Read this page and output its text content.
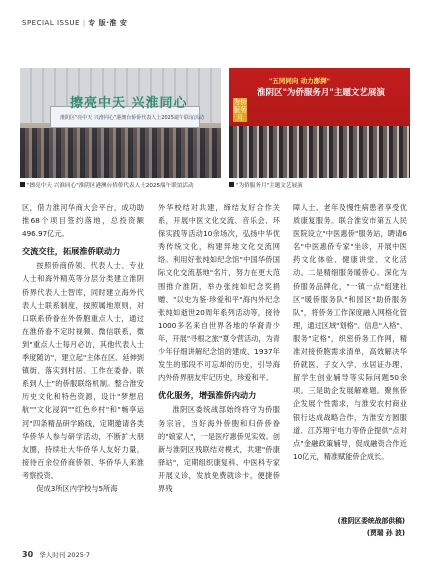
SPECIAL ISSUE | 专 版·淮 安
擦亮中天 兴淮同心
淮阴区"亮中天 兴淮同心"港澳台侨侨代表人士2025端午联谊活动
"五同同向 动力澎湃"
淮阴区"为侨服务月"主题文艺展演
为侨服务月
"擦亮中天 兴淮同心"淮阴区港澳台侨侨代表人士2025端午联谊活动	"为侨服务月"主题文艺展演

区，借力淮河华商大会平台，成功助推68个项目签约落地，总投资额496.97亿元。

交流交往，拓展淮侨联动力

按照侨商侨领、代表人士、专业人士和海外精英等分层分类建立淮阴侨界代表人士智库，同时建立海外代表人士联系制度，按照属地原则，对口联系侨眷在外侨胞重点人士，通过在淮侨眷不定时视频、微信联系，微到"重点人士每月必访，其他代表人士季度随访"，建立起"主体在区、延伸到镇街、落实到村居、工作在委眷、联系到人士"的侨服联络机制。整合淮安历史文化和特色资源，设计"梦想启航""文化浸润""红色乡村"和"畅享运河"四条精品研学路线，定期邀请各类华侨华人参与研学活动，不断扩大朋友圈，持续壮大华侨华人友好力量，接待百余位侨商侨领、华侨华人来淮考察投资。

促成3所区内学校与5所海

外华校结对共建，缔结友好合作关系，开展中医文化交流、音乐会、环保实践等活动10余场次，弘扬中华优秀传统文化，构建异地文化交流网络。利用好张纯如纪念馆"中国华侨国际文化交流基地"名片，努力在更大范围推介淮阴，举办张纯如纪念奖捐赠、"以史为鉴·珍爱和平"海内外纪念张纯如逝世20周年系列活动等，接待1000多名来自世界各地的华裔青少年，开展"寻根之旅"夏令营活动，为青少年仔细讲解纪念馆的建成、1937年发生的那段不可忘却的历史，引导海内外侨界朋友牢记历史，珍爱和平。

优化服务，增强淮侨内动力

淮阴区委统战部始终将守为侨服务宗旨，当好海外侨胞和归侨侨眷的"娘家人"，一是医疗惠侨见实效。创新与淮阴区残联结对模式，共建"侨康驿站"，定期组织康复科、中医科专家开展义诊，发放免费就诊卡，便捷侨界残

障人士、老年及慢性病患者享受优质康复服务。联合淮安市第五人民医院设立"中医惠侨"服务站，聘请6名"中医惠侨专家"坐诊，开展中医药文化体验、健康讲堂、文化活动。二是精细服务暖侨心。深化为侨服务品牌化，"一镇一点"组建社区"暖侨服务队"和园区"助侨服务队"，将侨务工作深度融入网格化管理，通过区域"划格"、信息"入格"、服务"定格"，织密侨务工作网，精准对接侨胞需求清单，高效解决华侨就医、子女入学、水居证办理、留学生创业辅导等实际问题50余项。三是助企发展解难题。聚焦侨企发展个性需求，与淮安农村商业银行达成战略合作，为淮安方圆服道、江苏翔宇电力等侨企提供"点对点"金融政策辅导，促成融资合作近10亿元，精准赋能侨企成长。

(淮阴区委统战部供稿)
(贾瑞 孙 波)
30 华人时刊 2025·7
